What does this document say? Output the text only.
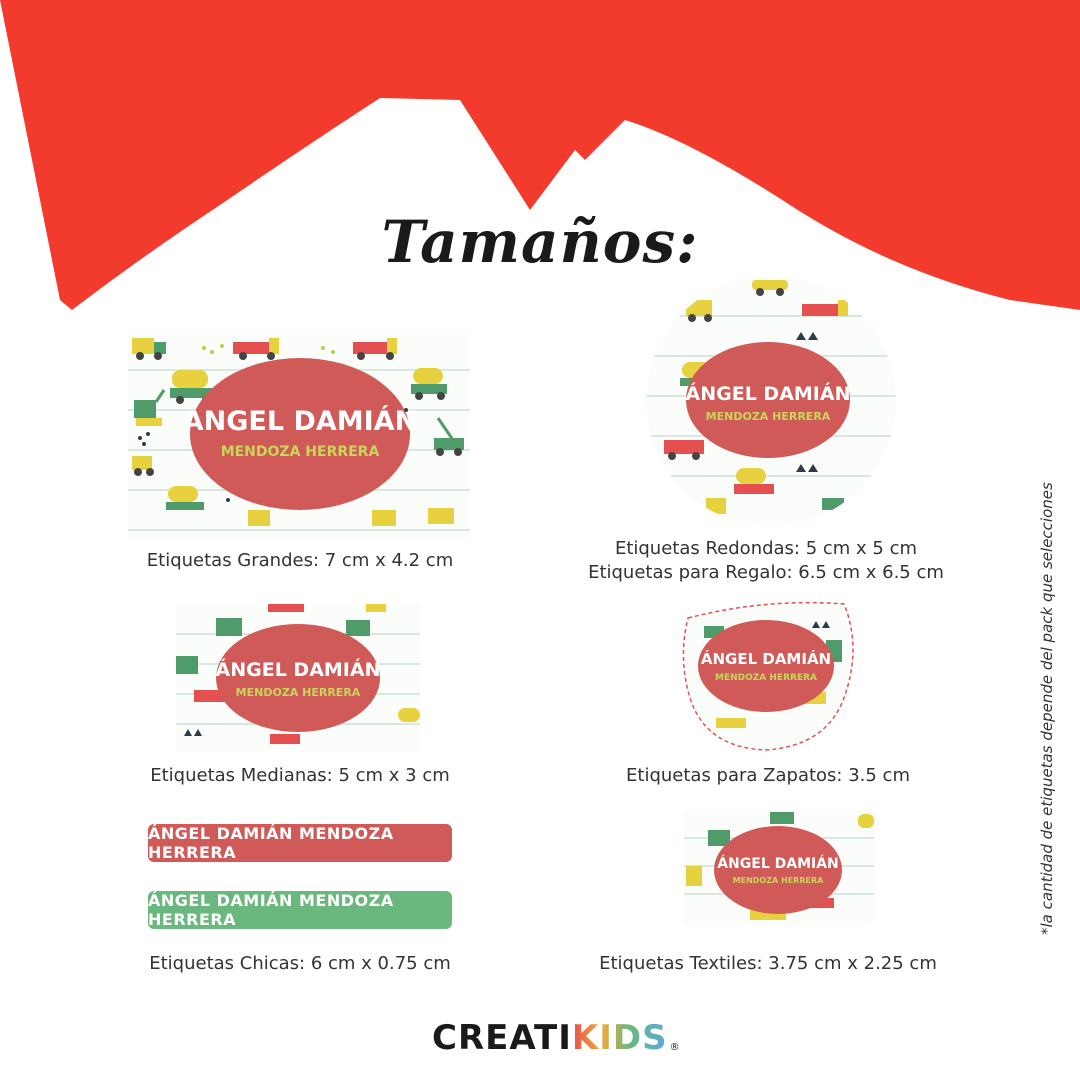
Tamaños:
ÁNGEL DAMIÁN
MENDOZA HERRERA
Etiquetas Grandes: 7 cm x 4.2 cm
ÁNGEL DAMIÁN
MENDOZA HERRERA
Etiquetas Redondas: 5 cm x 5 cm
Etiquetas para Regalo: 6.5 cm x 6.5 cm
ÁNGEL DAMIÁN
MENDOZA HERRERA
Etiquetas Medianas: 5 cm x 3 cm
ÁNGEL DAMIÁN
MENDOZA HERRERA
Etiquetas para Zapatos: 3.5 cm
ÁNGEL DAMIÁN MENDOZA HERRERA
ÁNGEL DAMIÁN MENDOZA HERRERA
Etiquetas Chicas: 6 cm x 0.75 cm
ÁNGEL DAMIÁN
MENDOZA HERRERA
Etiquetas Textiles: 3.75 cm x 2.25 cm
*la cantidad de etiquetas depende del pack que selecciones
CREATI KIDS ®
